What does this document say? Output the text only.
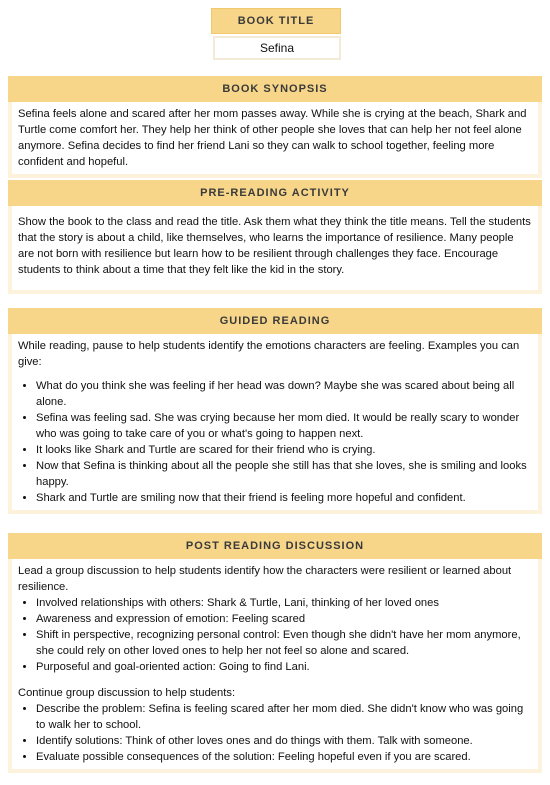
BOOK TITLE
Sefina
BOOK SYNOPSIS

Sefina feels alone and scared after her mom passes away. While she is crying at the beach, Shark and Turtle come comfort her. They help her think of other people she loves that can help her not feel alone anymore. Sefina decides to find her friend Lani so they can walk to school together, feeling more confident and hopeful.

PRE-READING ACTIVITY

Show the book to the class and read the title. Ask them what they think the title means. Tell the students that the story is about a child, like themselves, who learns the importance of resilience. Many people are not born with resilience but learn how to be resilient through challenges they face. Encourage students to think about a time that they felt like the kid in the story.

GUIDED READING

While reading, pause to help students identify the emotions characters are feeling. Examples you can give:

• What do you think she was feeling if her head was down? Maybe she was scared about being all alone.
• Sefina was feeling sad. She was crying because her mom died. It would be really scary to wonder who was going to take care of you or what's going to happen next.
• It looks like Shark and Turtle are scared for their friend who is crying.
• Now that Sefina is thinking about all the people she still has that she loves, she is smiling and looks happy.
• Shark and Turtle are smiling now that their friend is feeling more hopeful and confident.
POST READING DISCUSSION

Lead a group discussion to help students identify how the characters were resilient or learned about resilience.

• Involved relationships with others: Shark & Turtle, Lani, thinking of her loved ones
• Awareness and expression of emotion: Feeling scared
• Shift in perspective, recognizing personal control: Even though she didn't have her mom anymore, she could rely on other loved ones to help her not feel so alone and scared.
• Purposeful and goal-oriented action: Going to find Lani.

Continue group discussion to help students:

• Describe the problem: Sefina is feeling scared after her mom died. She didn't know who was going to walk her to school.
• Identify solutions: Think of other loves ones and do things with them. Talk with someone.
• Evaluate possible consequences of the solution: Feeling hopeful even if you are scared.
